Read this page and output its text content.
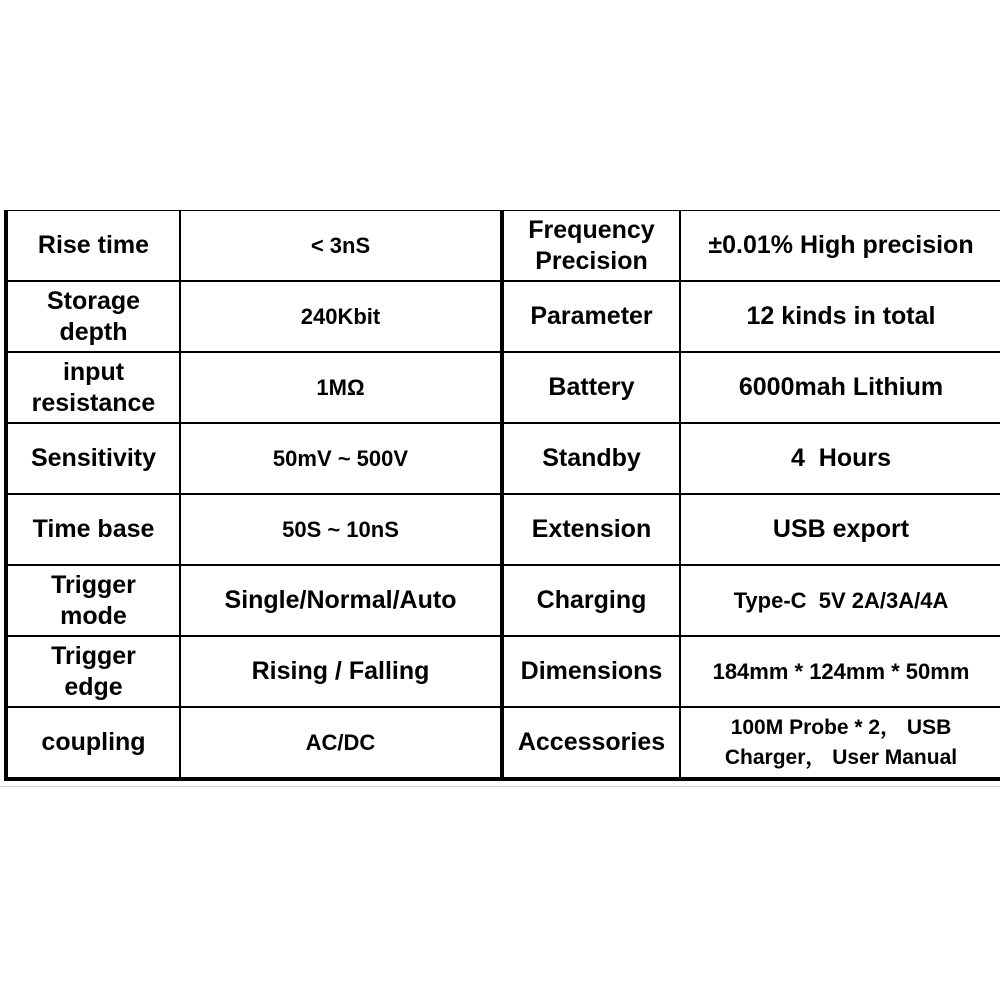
Rise time	< 3nS	Frequency Precision	±0.01% High precision
Storage depth	240Kbit	Parameter	12 kinds in total
input resistance	1MΩ	Battery	6000mah Lithium
Sensitivity	50mV ~ 500V	Standby	4  Hours
Time base	50S ~ 10nS	Extension	USB export
Trigger mode	Single/Normal/Auto	Charging	Type-C  5V 2A/3A/4A
Trigger edge	Rising / Falling	Dimensions	184mm * 124mm * 50mm
coupling	AC/DC	Accessories	100M Probe * 2， USB Charger， User Manual
